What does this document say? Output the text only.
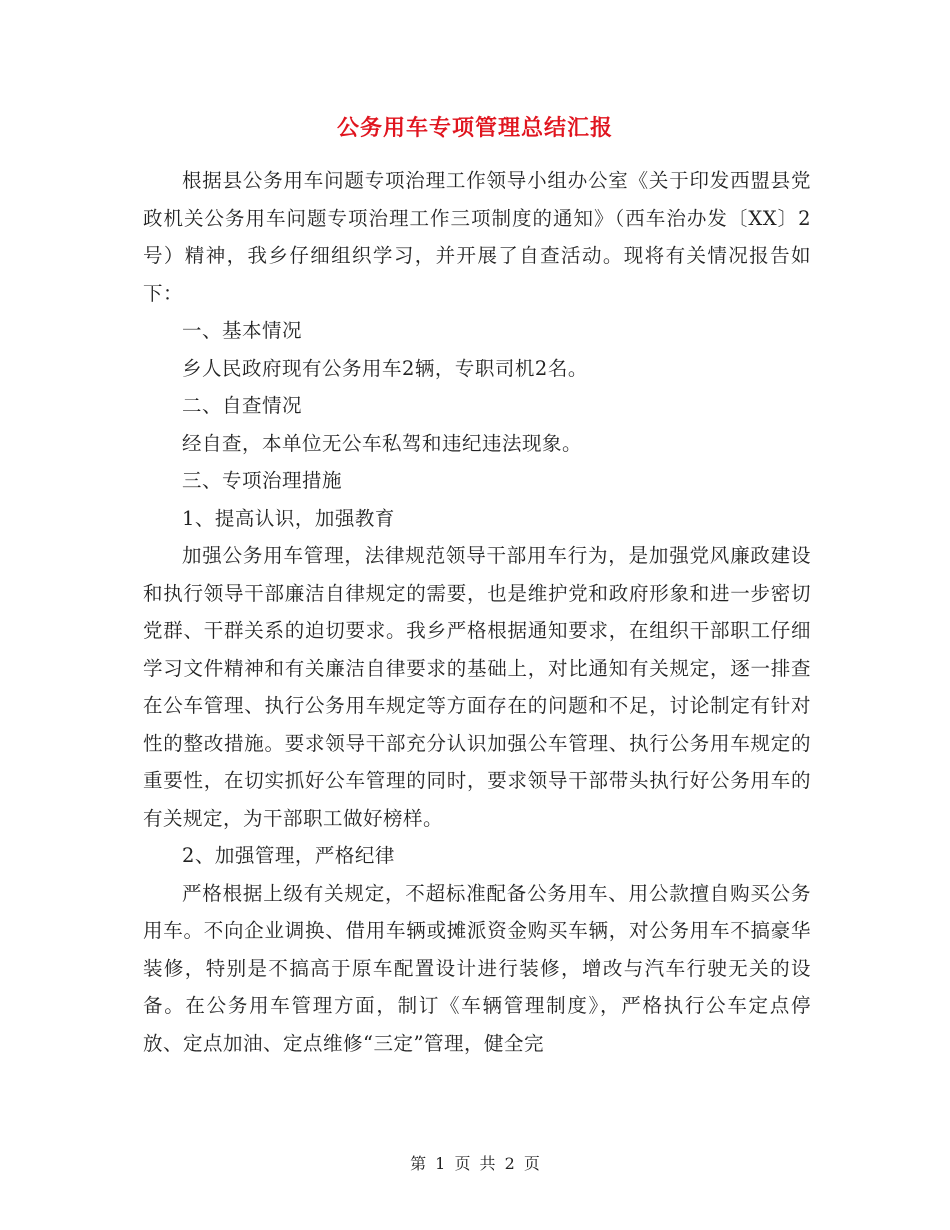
公务用车专项管理总结汇报

根据县公务用车问题专项治理工作领导小组办公室《关于印发西盟县党政机关公务用车问题专项治理工作三项制度的通知》（西车治办发〔XX〕2号）精神，我乡仔细组织学习，并开展了自查活动。现将有关情况报告如下：

一、基本情况

乡人民政府现有公务用车2辆，专职司机2名。

二、自查情况

经自查，本单位无公车私驾和违纪违法现象。

三、专项治理措施

1、提高认识，加强教育

加强公务用车管理，法律规范领导干部用车行为，是加强党风廉政建设和执行领导干部廉洁自律规定的需要，也是维护党和政府形象和进一步密切党群、干群关系的迫切要求。我乡严格根据通知要求，在组织干部职工仔细学习文件精神和有关廉洁自律要求的基础上，对比通知有关规定，逐一排查在公车管理、执行公务用车规定等方面存在的问题和不足，讨论制定有针对性的整改措施。要求领导干部充分认识加强公车管理、执行公务用车规定的重要性，在切实抓好公车管理的同时，要求领导干部带头执行好公务用车的有关规定，为干部职工做好榜样。

2、加强管理，严格纪律

严格根据上级有关规定，不超标准配备公务用车、用公款擅自购买公务用车。不向企业调换、借用车辆或摊派资金购买车辆，对公务用车不搞豪华装修，特别是不搞高于原车配置设计进行装修，增改与汽车行驶无关的设备。在公务用车管理方面，制订《车辆管理制度》，严格执行公车定点停放、定点加油、定点维修“三定”管理，健全完

第 1 页 共 2 页
